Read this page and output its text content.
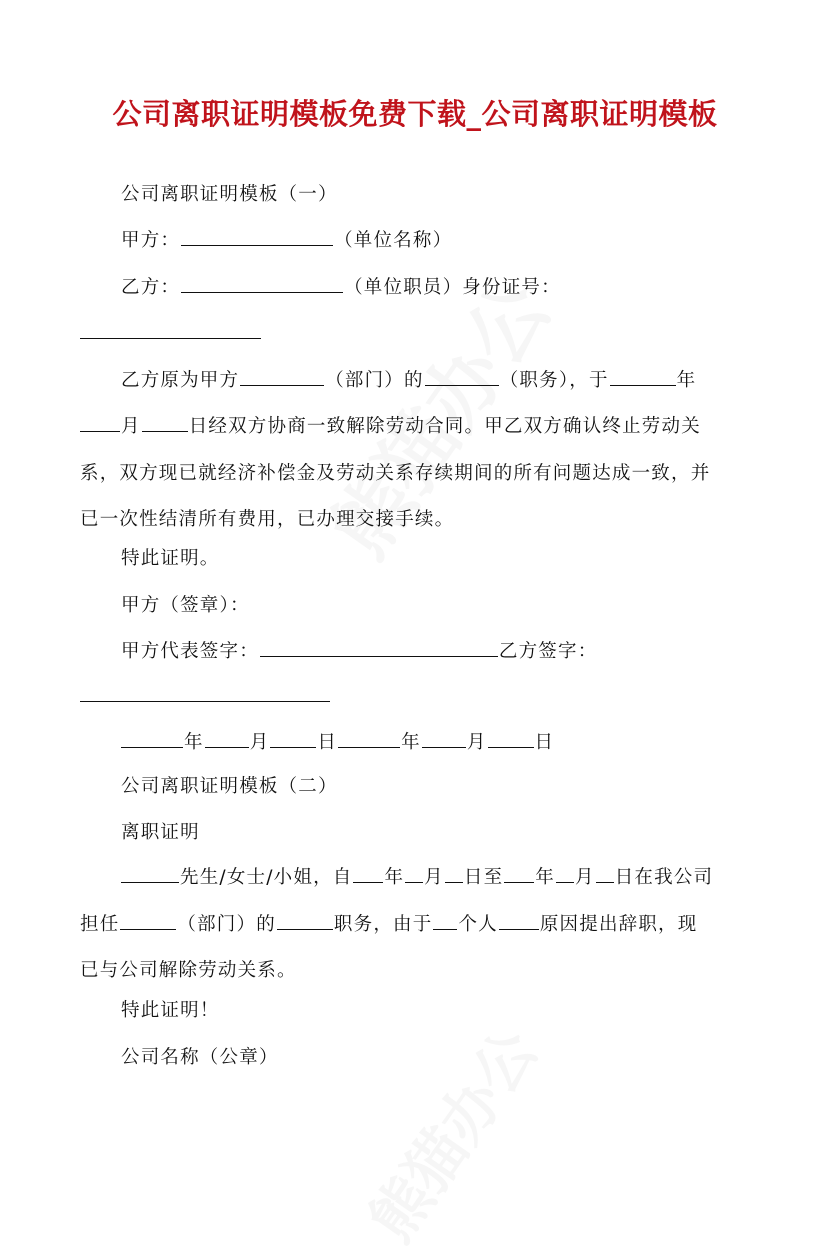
公司离职证明模板免费下载_公司离职证明模板
公司离职证明模板（一）
甲方：	（单位名称）
乙方：	（单位职员）身份证号：
乙方原为甲方	（部门）的	（职务），于	年
月	日经双方协商一致解除劳动合同。甲乙双方确认终止劳动关
系，双方现已就经济补偿金及劳动关系存续期间的所有问题达成一致，并
已一次性结清所有费用，已办理交接手续。
特此证明。
甲方（签章）：
甲方代表签字：	乙方签字：
年 月	日	年 月	日
公司离职证明模板（二）
离职证明
先生/女士/小姐，自 年 月 日至 年 月 日在我公司
担任	（部门）的	职务，由于 个人 原因提出辞职，现
已与公司解除劳动关系。
特此证明！
公司名称（公章）
